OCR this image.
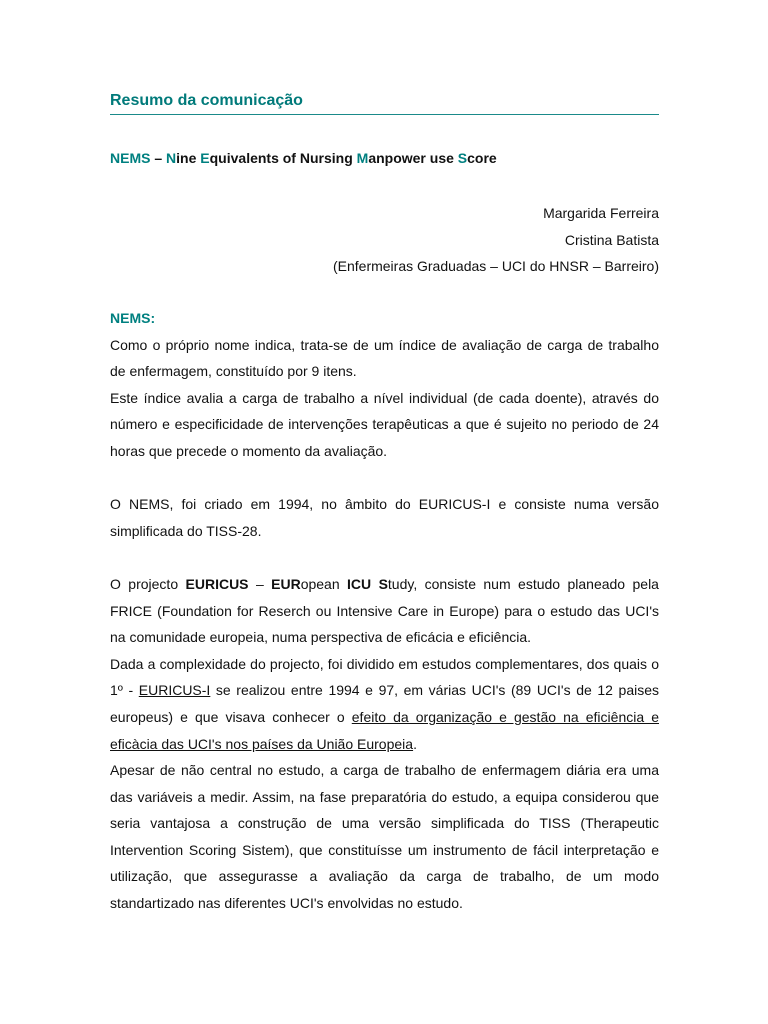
Resumo da comunicação
NEMS – Nine Equivalents of Nursing Manpower use Score
Margarida Ferreira
Cristina Batista
(Enfermeiras Graduadas – UCI do HNSR – Barreiro)
NEMS:

Como o próprio nome indica, trata-se de um índice de avaliação de carga de trabalho de enfermagem, constituído por 9 itens.

Este índice avalia a carga de trabalho a nível individual (de cada doente), através do número e especificidade de intervenções terapêuticas a que é sujeito no periodo de 24 horas que precede o momento da avaliação.

O NEMS, foi criado em 1994, no âmbito do EURICUS-I e consiste numa versão simplificada do TISS-28.

O projecto EURICUS – EURopean ICU Study, consiste num estudo planeado pela FRICE (Foundation for Reserch ou Intensive Care in Europe) para o estudo das UCI's na comunidade europeia, numa perspectiva de eficácia e eficiência.

Dada a complexidade do projecto, foi dividido em estudos complementares, dos quais o 1º - EURICUS-I se realizou entre 1994 e 97, em várias UCI's (89 UCI's de 12 paises europeus) e que visava conhecer o efeito da organização e gestão na eficiência e eficàcia das UCI's nos países da União Europeia.

Apesar de não central no estudo, a carga de trabalho de enfermagem diária era uma das variáveis a medir. Assim, na fase preparatória do estudo, a equipa considerou que seria vantajosa a construção de uma versão simplificada do TISS (Therapeutic Intervention Scoring Sistem), que constituísse um instrumento de fácil interpretação e utilização, que assegurasse a avaliação da carga de trabalho, de um modo standartizado nas diferentes UCI's envolvidas no estudo.
